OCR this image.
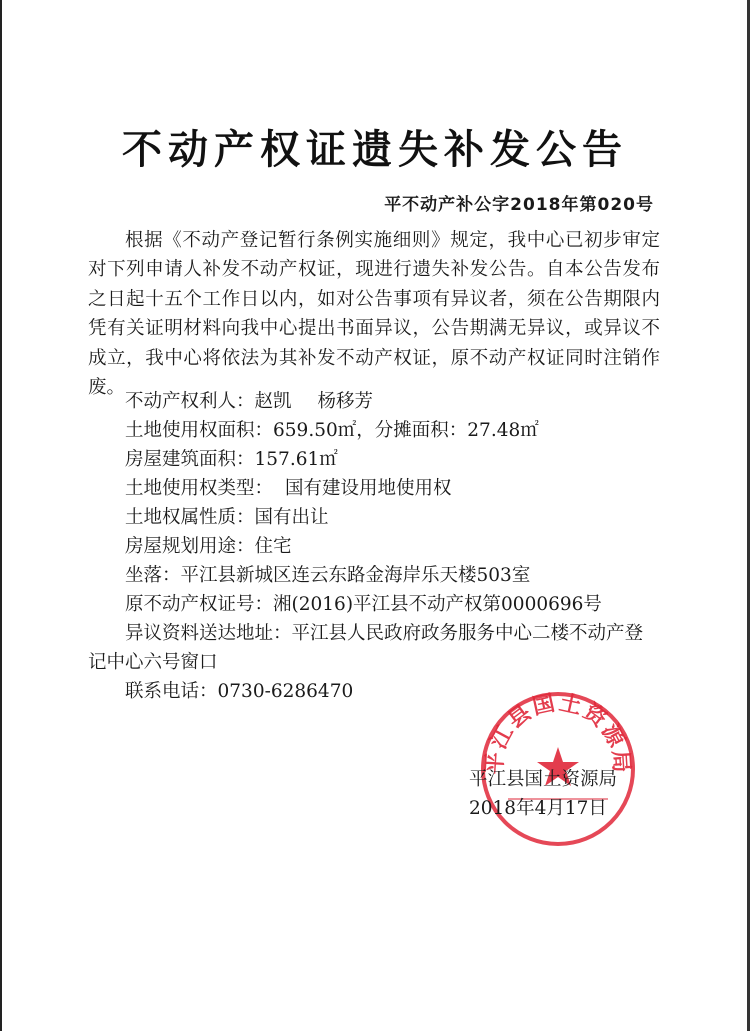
不动产权证遗失补发公告
平不动产补公字2018年第020号

根据《不动产登记暂行条例实施细则》规定，我中心已初步审定对下列申请人补发不动产权证，现进行遗失补发公告。自本公告发布之日起十五个工作日以内，如对公告事项有异议者，须在公告期限内凭有关证明材料向我中心提出书面异议，公告期满无异议，或异议不成立，我中心将依法为其补发不动产权证，原不动产权证同时注销作废。

不动产权利人：赵凯 杨移芳
土地使用权面积：659.50㎡，分摊面积：27.48㎡
房屋建筑面积：157.61㎡
土地使用权类型： 国有建设用地使用权
土地权属性质：国有出让
房屋规划用途：住宅
坐落：平江县新城区连云东路金海岸乐天楼503室
原不动产权证号：湘(2016)平江县不动产权第0000696号
异议资料送达地址：平江县人民政府政务服务中心二楼不动产登记中心六号窗口
联系电话：0730-6286470
平江县国土资源局
平江县国土资源局
2018年4月17日
